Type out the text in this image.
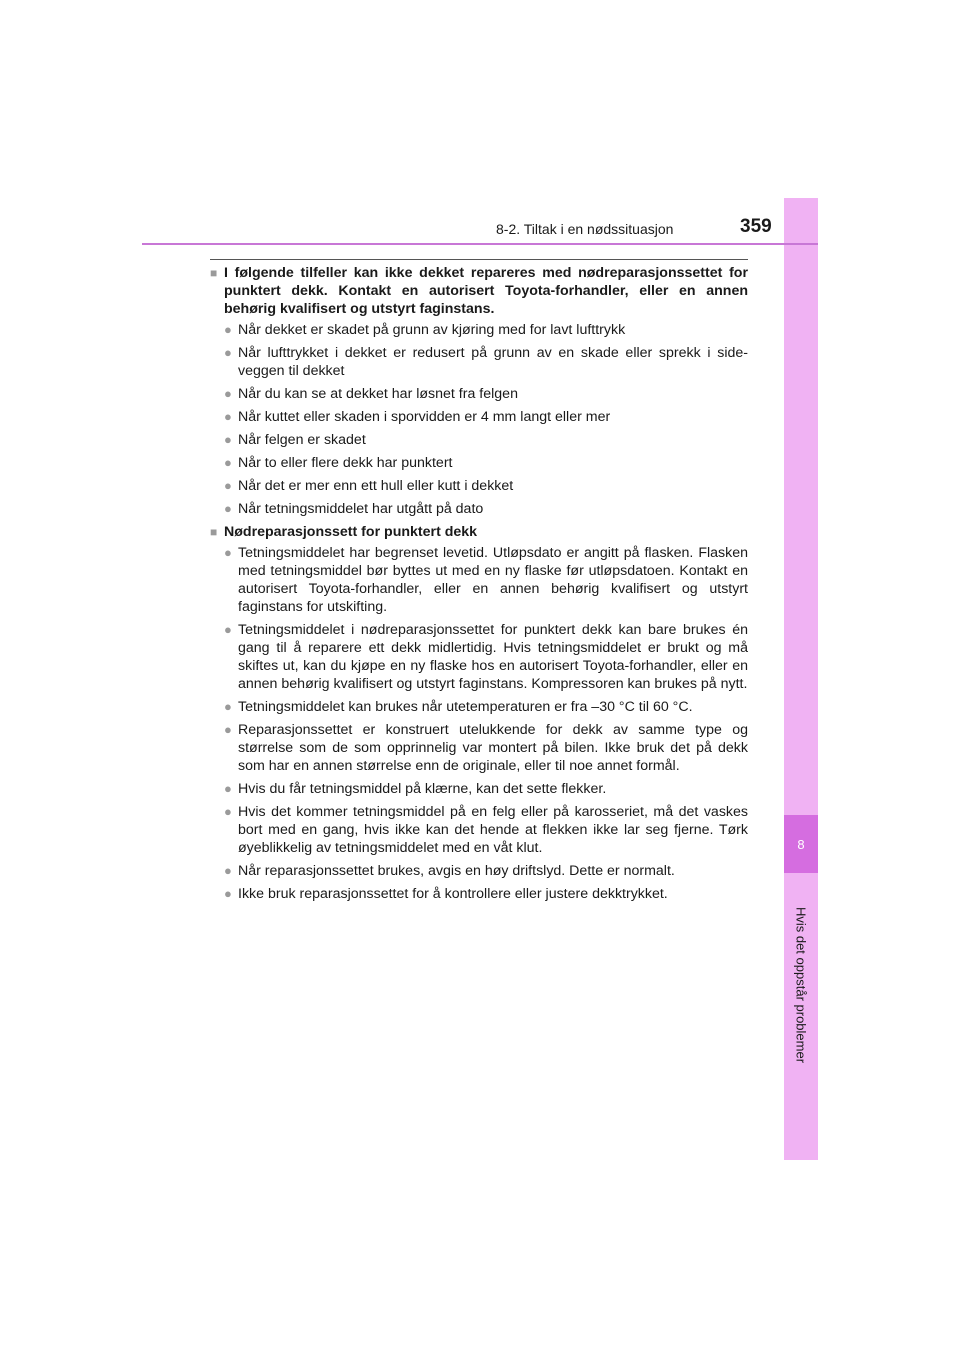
8
Hvis det oppstår problemer
8-2. Tiltak i en nødssituasjon	359
■ I følgende tilfeller kan ikke dekket repareres med nødreparasjonssettet for punktert dekk. Kontakt en autorisert Toyota-forhandler, eller en annen behørig kvalifisert og utstyrt faginstans.
● Når dekket er skadet på grunn av kjøring med for lavt lufttrykk
● Når lufttrykket i dekket er redusert på grunn av en skade eller sprekk i side- veggen til dekket
● Når du kan se at dekket har løsnet fra felgen
● Når kuttet eller skaden i sporvidden er 4 mm langt eller mer
● Når felgen er skadet
● Når to eller flere dekk har punktert
● Når det er mer enn ett hull eller kutt i dekket
● Når tetningsmiddelet har utgått på dato
■ Nødreparasjonssett for punktert dekk
● Tetningsmiddelet har begrenset levetid. Utløpsdato er angitt på flasken. Flasken med tetningsmiddel bør byttes ut med en ny flaske før utløpsdatoen. Kontakt en autorisert Toyota-forhandler, eller en annen behørig kvalifisert og utstyrt faginstans for utskifting.
● Tetningsmiddelet i nødreparasjonssettet for punktert dekk kan bare brukes én gang til å reparere ett dekk midlertidig. Hvis tetningsmiddelet er brukt og må skiftes ut, kan du kjøpe en ny flaske hos en autorisert Toyota-forhandler, eller en annen behørig kvalifisert og utstyrt faginstans. Kompressoren kan brukes på nytt.
● Tetningsmiddelet kan brukes når utetemperaturen er fra –30 °C til 60 °C.
● Reparasjonssettet er konstruert utelukkende for dekk av samme type og størrelse som de som opprinnelig var montert på bilen. Ikke bruk det på dekk som har en annen størrelse enn de originale, eller til noe annet formål.
● Hvis du får tetningsmiddel på klærne, kan det sette flekker.
● Hvis det kommer tetningsmiddel på en felg eller på karosseriet, må det vaskes bort med en gang, hvis ikke kan det hende at flekken ikke lar seg fjerne. Tørk øyeblikkelig av tetningsmiddelet med en våt klut.
● Når reparasjonssettet brukes, avgis en høy driftslyd. Dette er normalt.
● Ikke bruk reparasjonssettet for å kontrollere eller justere dekktrykket.
